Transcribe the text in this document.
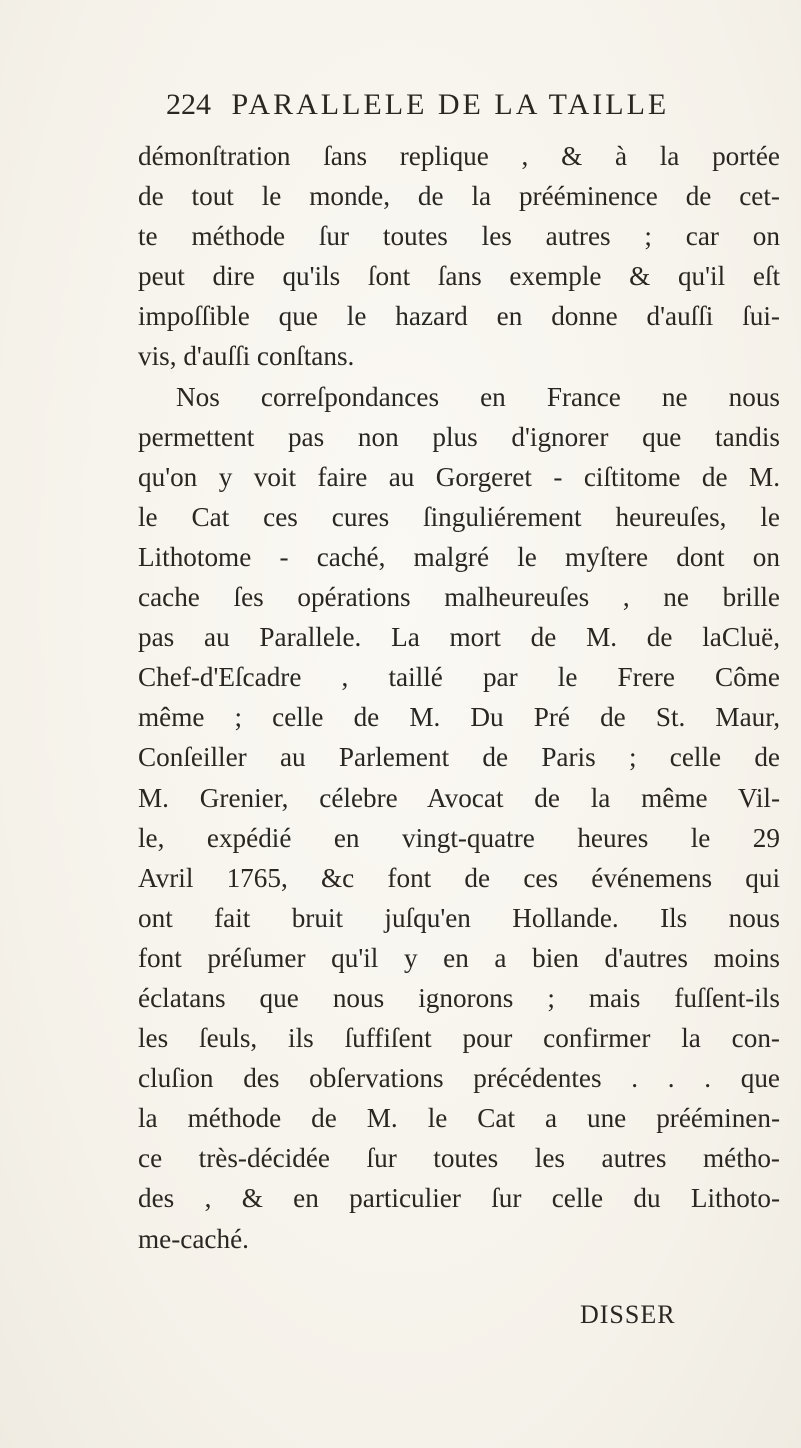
224 PARALLELE DE LA TAILLE
démonſtration ſans replique , & à la portée
de tout le monde, de la prééminence de cet-
te méthode ſur toutes les autres ; car on
peut dire qu'ils ſont ſans exemple & qu'il eſt
impoſſible que le hazard en donne d'auſſi ſui-
vis, d'auſſi conſtans.
Nos correſpondances en France ne nous
permettent pas non plus d'ignorer que tandis
qu'on y voit faire au Gorgeret - ciſtitome de M.
le Cat ces cures ſinguliérement heureuſes, le
Lithotome - caché, malgré le myſtere dont on
cache ſes opérations malheureuſes , ne brille
pas au Parallele. La mort de M. de laCluë,
Chef-d'Eſcadre , taillé par le Frere Côme
même ; celle de M. Du Pré de St. Maur,
Conſeiller au Parlement de Paris ; celle de
M. Grenier, célebre Avocat de la même Vil-
le, expédié en vingt-quatre heures le 29
Avril 1765, &c font de ces événemens qui
ont fait bruit juſqu'en Hollande. Ils nous
font préſumer qu'il y en a bien d'autres moins
éclatans que nous ignorons ; mais fuſſent-ils
les ſeuls, ils ſuffiſent pour confirmer la con-
cluſion des obſervations précédentes . . . que
la méthode de M. le Cat a une prééminen-
ce très-décidée ſur toutes les autres métho-
des , & en particulier ſur celle du Lithoto-
me-caché.
DISSER
